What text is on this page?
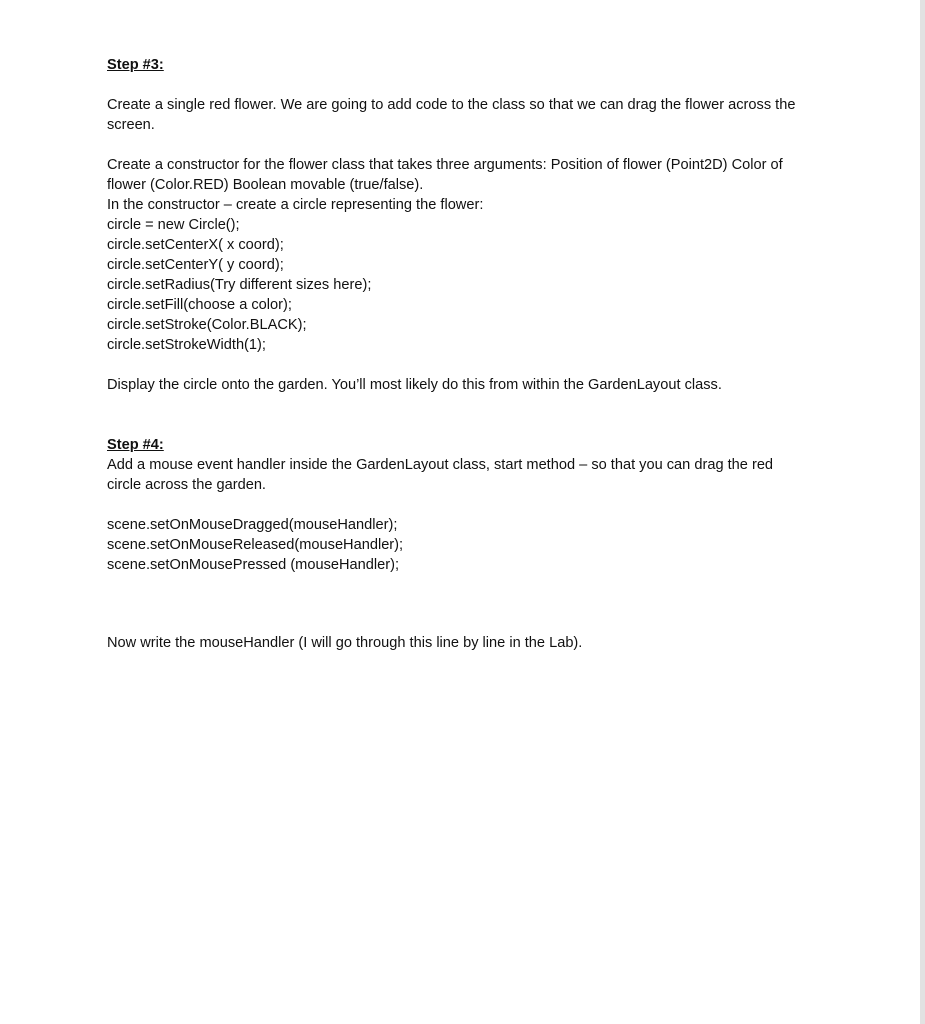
Step #3:

Create a single red flower. We are going to add code to the class so that we can drag the flower across the screen.

Create a constructor for the flower class that takes three arguments: Position of flower (Point2D) Color of flower (Color.RED) Boolean movable (true/false).

In the constructor – create a circle representing the flower:

circle = new Circle();

circle.setCenterX( x coord);

circle.setCenterY( y coord);

circle.setRadius(Try different sizes here);

circle.setFill(choose a color);

circle.setStroke(Color.BLACK);

circle.setStrokeWidth(1);

Display the circle onto the garden. You’ll most likely do this from within the GardenLayout class.

Step #4:

Add a mouse event handler inside the GardenLayout class, start method – so that you can drag the red circle across the garden.

scene.setOnMouseDragged(mouseHandler);

scene.setOnMouseReleased(mouseHandler);

scene.setOnMousePressed (mouseHandler);

Now write the mouseHandler (I will go through this line by line in the Lab).
